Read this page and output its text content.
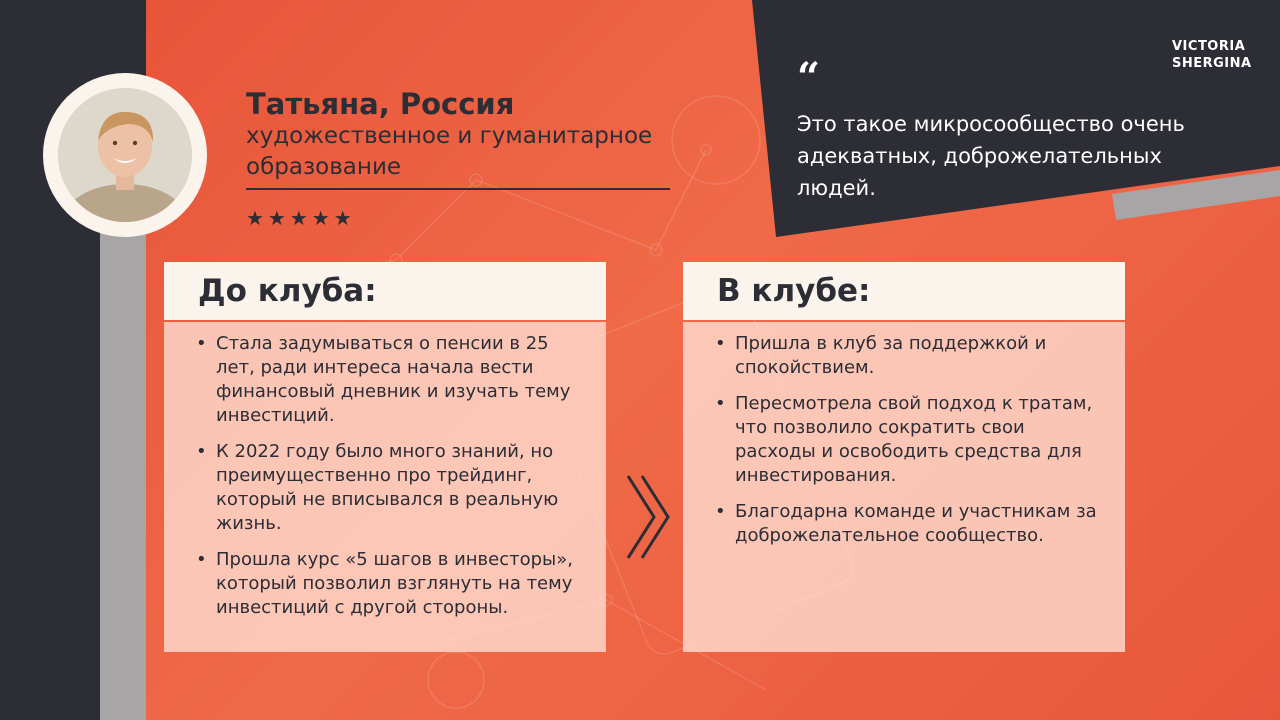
VICTORIA
SHERGINA
“
Это такое микросообщество очень адекватных, доброжелательных людей.
Татьяна, Россия
художественное и гуманитарное образование
★★★★★
До клуба:
• Стала задумываться о пенсии в 25 лет, ради интереса начала вести финансовый дневник и изучать тему инвестиций.
• К 2022 году было много знаний, но преимущественно про трейдинг, который не вписывался в реальную жизнь.
• Прошла курс «5 шагов в инвесторы», который позволил взглянуть на тему инвестиций с другой стороны.
В клубе:
• Пришла в клуб за поддержкой и спокойствием.
• Пересмотрела свой подход к тратам, что позволило сократить свои расходы и освободить средства для инвестирования.
• Благодарна команде и участникам за доброжелательное сообщество.
